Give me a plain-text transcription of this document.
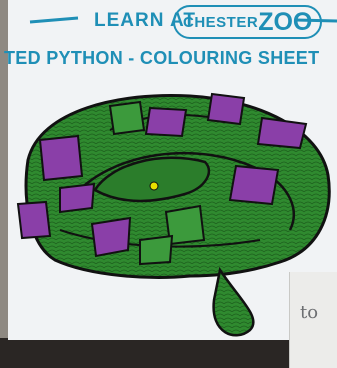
LEARN AT
CHESTER ZOO
TED PYTHON - COLOURING SHEET
to
